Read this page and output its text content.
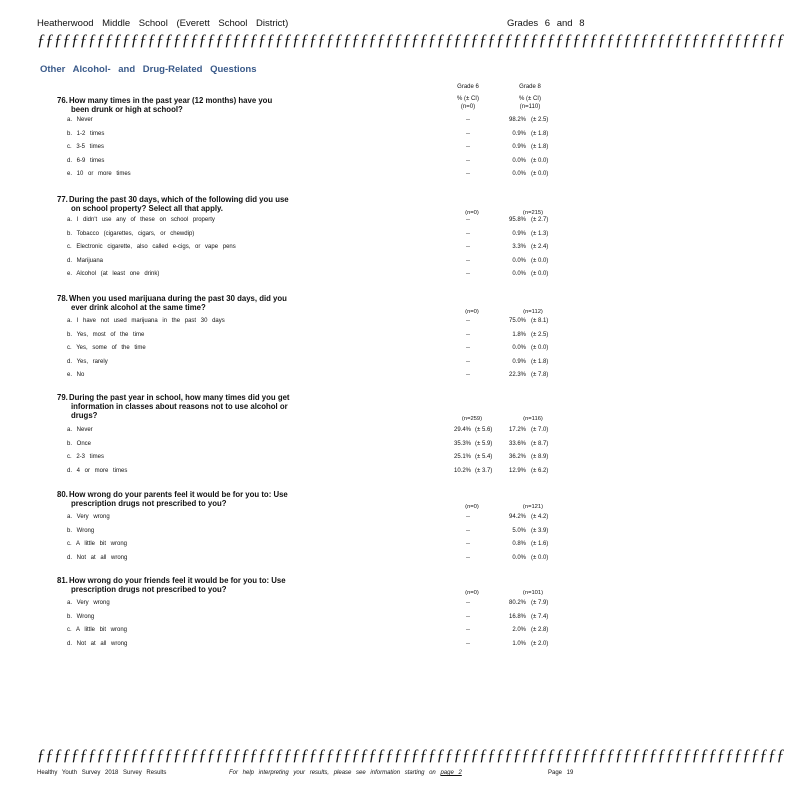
Heatherwood Middle School (Everett School District)	Grades 6 and 8
ƒƒƒƒƒƒƒƒƒƒƒƒƒƒƒƒƒƒƒƒƒƒƒƒƒƒƒƒƒƒƒƒƒƒƒƒƒƒƒƒƒƒƒƒƒƒƒƒƒƒƒƒƒƒƒƒƒƒƒƒƒƒƒƒƒƒƒƒƒƒƒƒƒƒƒƒƒƒƒƒƒƒƒƒƒƒƒƒ
Other Alcohol- and Drug-Related Questions
Grade 6
% (± CI)
(n=0)
Grade 8
% (± CI)
(n=110)
76.How many times in the past year (12 months) have you
been drunk or high at school?
a. Never	--	98.2% (± 2.5)
b. 1-2 times	--	0.9% (± 1.8)
c. 3-5 times	--	0.9% (± 1.8)
d. 6-9 times	--	0.0% (± 0.0)
e. 10 or more times	--	0.0% (± 0.0)
77.During the past 30 days, which of the following did you use
on school property? Select all that apply.	(n=0)	(n=215)
a. I didn't use any of these on school property	--	95.8% (± 2.7)
b. Tobacco (cigarettes, cigars, or chewdip)	--	0.9% (± 1.3)
c. Electronic cigarette, also called e-cigs, or vape pens	--	3.3% (± 2.4)
d. Marijuana	--	0.0% (± 0.0)
e. Alcohol (at least one drink)	--	0.0% (± 0.0)
78.When you used marijuana during the past 30 days, did you
ever drink alcohol at the same time?	(n=0)	(n=112)
a. I have not used marijuana in the past 30 days	--	75.0% (± 8.1)
b. Yes, most of the time	--	1.8% (± 2.5)
c. Yes, some of the time	--	0.0% (± 0.0)
d. Yes, rarely	--	0.9% (± 1.8)
e. No	--	22.3% (± 7.8)
79.During the past year in school, how many times did you get
information in classes about reasons not to use alcohol or
drugs?	(n=259)	(n=116)
a. Never	29.4% (± 5.6)	17.2% (± 7.0)
b. Once	35.3% (± 5.9)	33.6% (± 8.7)
c. 2-3 times	25.1% (± 5.4)	36.2% (± 8.9)
d. 4 or more times	10.2% (± 3.7)	12.9% (± 6.2)
80.How wrong do your parents feel it would be for you to: Use
prescription drugs not prescribed to you?	(n=0)	(n=121)
a. Very wrong	--	94.2% (± 4.2)
b. Wrong	--	5.0% (± 3.9)
c. A little bit wrong	--	0.8% (± 1.6)
d. Not at all wrong	--	0.0% (± 0.0)
81.How wrong do your friends feel it would be for you to: Use
prescription drugs not prescribed to you?	(n=0)	(n=101)
a. Very wrong	--	80.2% (± 7.9)
b. Wrong	--	16.8% (± 7.4)
c. A little bit wrong	--	2.0% (± 2.8)
d. Not at all wrong	--	1.0% (± 2.0)
ƒƒƒƒƒƒƒƒƒƒƒƒƒƒƒƒƒƒƒƒƒƒƒƒƒƒƒƒƒƒƒƒƒƒƒƒƒƒƒƒƒƒƒƒƒƒƒƒƒƒƒƒƒƒƒƒƒƒƒƒƒƒƒƒƒƒƒƒƒƒƒƒƒƒƒƒƒƒƒƒƒƒƒƒƒƒƒƒ
Healthy Youth Survey 2018 Survey Results	For help interpreting your results, please see information starting on page 2	Page 19
